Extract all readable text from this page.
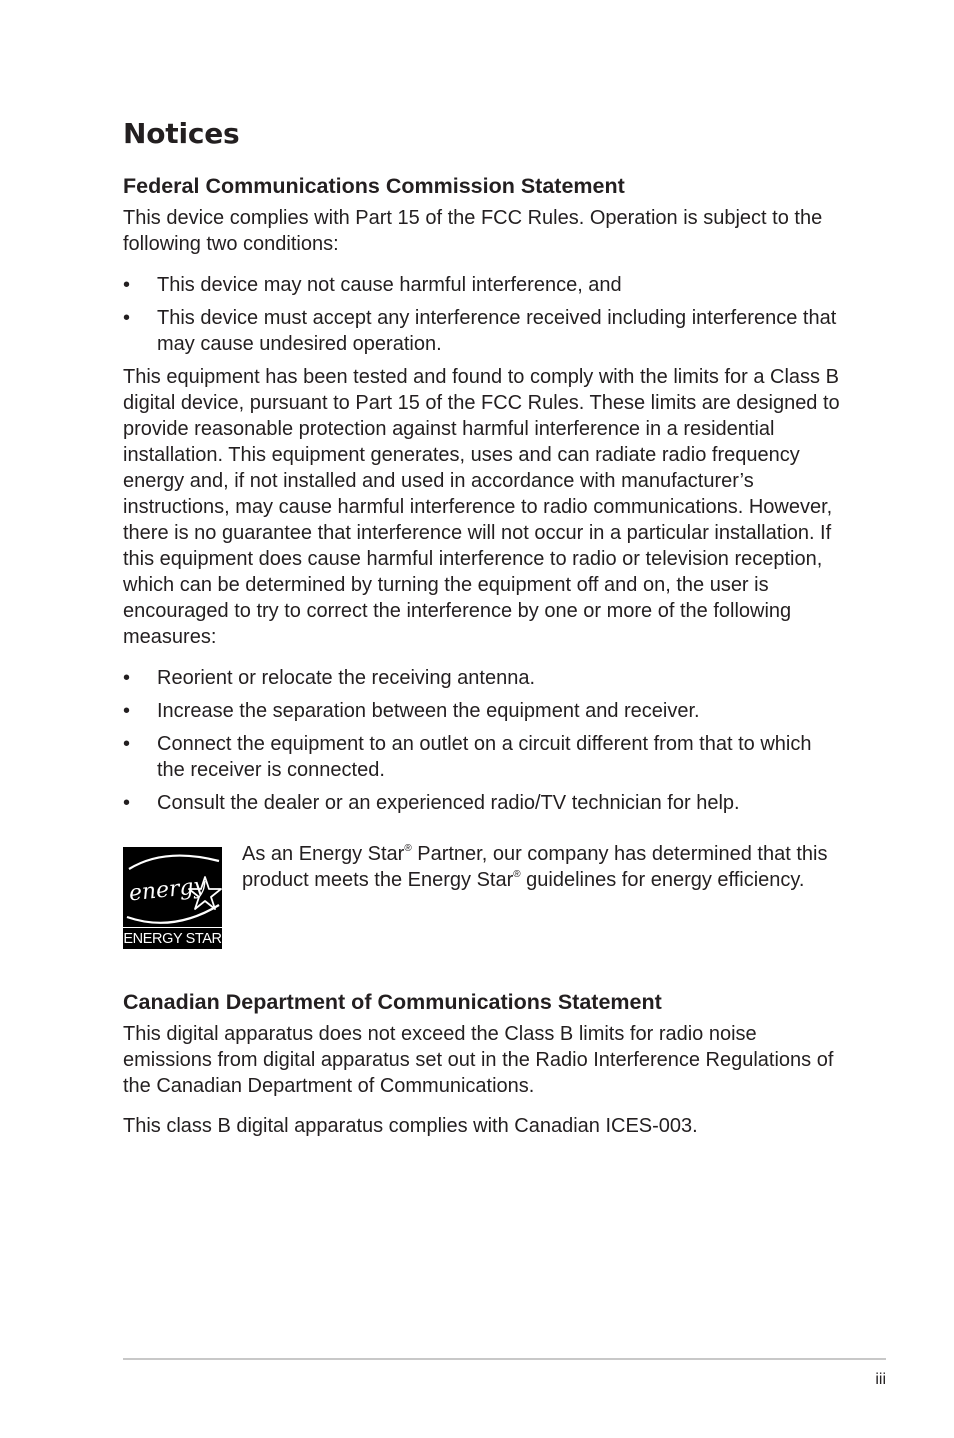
Notices
Federal Communications Commission Statement

This device complies with Part 15 of the FCC Rules. Operation is subject to the following two conditions:

•	This device may not cause harmful interference, and
•	This device must accept any interference received including interference that may cause undesired operation.

This equipment has been tested and found to comply with the limits for a Class B digital device, pursuant to Part 15 of the FCC Rules. These limits are designed to provide reasonable protection against harmful interference in a residential installation. This equipment generates, uses and can radiate radio frequency energy and, if not installed and used in accordance with manufacturer’s instructions, may cause harmful interference to radio communications. However, there is no guarantee that interference will not occur in a particular installation. If this equipment does cause harmful interference to radio or television reception, which can be determined by turning the equipment off and on, the user is encouraged to try to correct the interference by one or more of the following measures:

•	Reorient or relocate the receiving antenna.
•	Increase the separation between the equipment and receiver.
•	Connect the equipment to an outlet on a circuit different from that to which the receiver is connected.
•	Consult the dealer or an experienced radio/TV technician for help.
energy
ENERGY STAR
As an Energy Star® Partner, our company has determined that this product meets the Energy Star® guidelines for energy efficiency.
Canadian Department of Communications Statement

This digital apparatus does not exceed the Class B limits for radio noise emissions from digital apparatus set out in the Radio Interference Regulations of the Canadian Department of Communications.

This class B digital apparatus complies with Canadian ICES-003.

iii
